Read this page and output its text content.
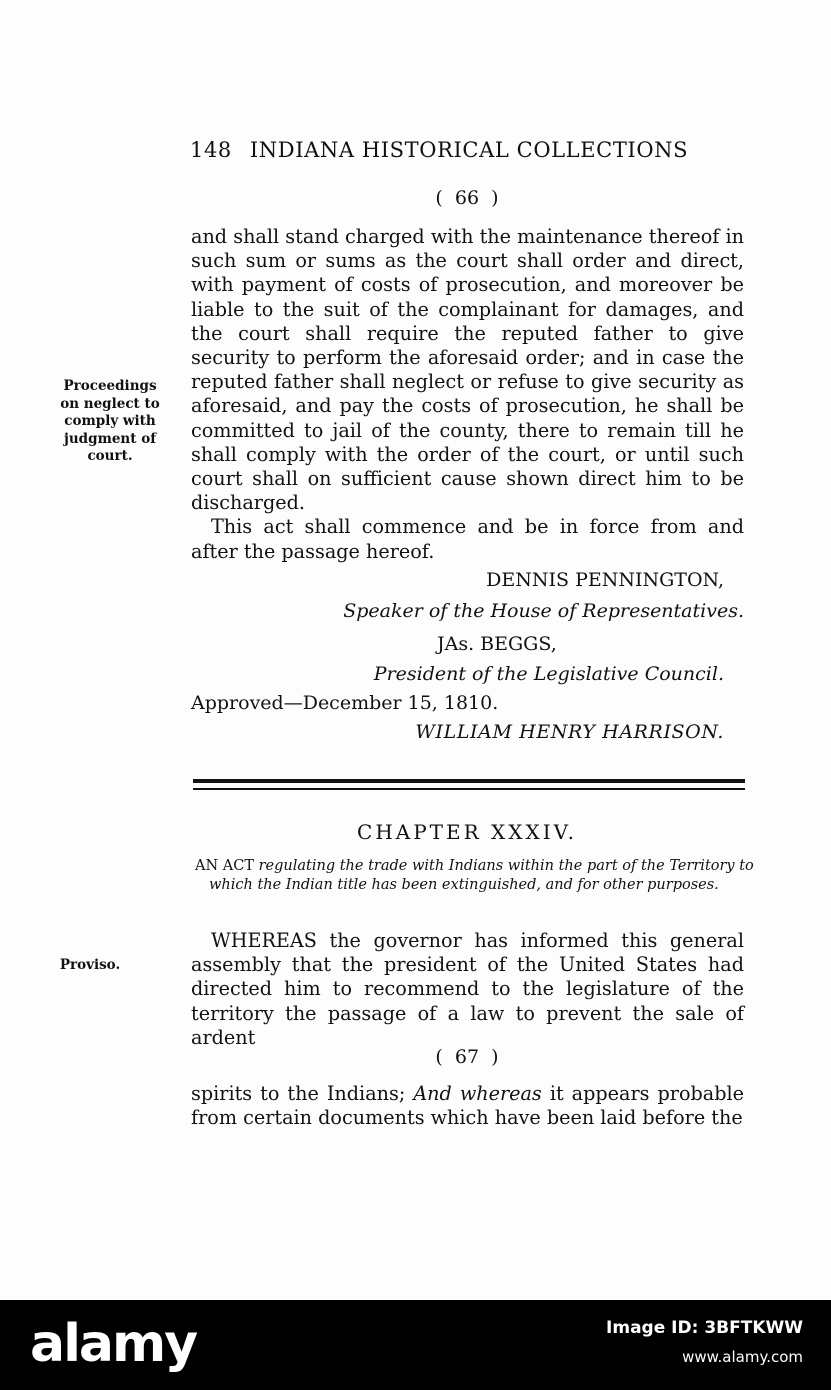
148 INDIANA HISTORICAL COLLECTIONS
(  66  )

and shall stand charged with the maintenance thereof in such sum or sums as the court shall order and direct, with payment of costs of prosecution, and moreover be liable to the suit of the complainant for damages, and the court shall require the reputed father to give security to perform the aforesaid order; and in case the reputed father shall neglect or refuse to give security as aforesaid, and pay the costs of prosecution, he shall be committed to jail of the county, there to remain till he shall comply with the order of the court, or until such court shall on sufficient cause shown direct him to be discharged.

This act shall commence and be in force from and after the passage hereof.

Proceedings on neglect to comply with judgment of court.
DENNIS PENNINGTON,
Speaker of the House of Representatives.
JAs. BEGGS,
President of the Legislative Council.
Approved—December 15, 1810.
WILLIAM HENRY HARRISON.
CHAPTER XXXIV.
AN ACT regulating the trade with Indians within the part of the Territory to which the Indian title has been extinguished, and for other purposes.

WHEREAS the governor has informed this general assembly that the president of the United States had directed him to recommend to the legislature of the territory the passage of a law to prevent the sale of ardent

Proviso.
(  67  )

spirits to the Indians; And whereas it appears probable from certain documents which have been laid before the

alamy	Image ID: 3BFTKWW
www.alamy.com
